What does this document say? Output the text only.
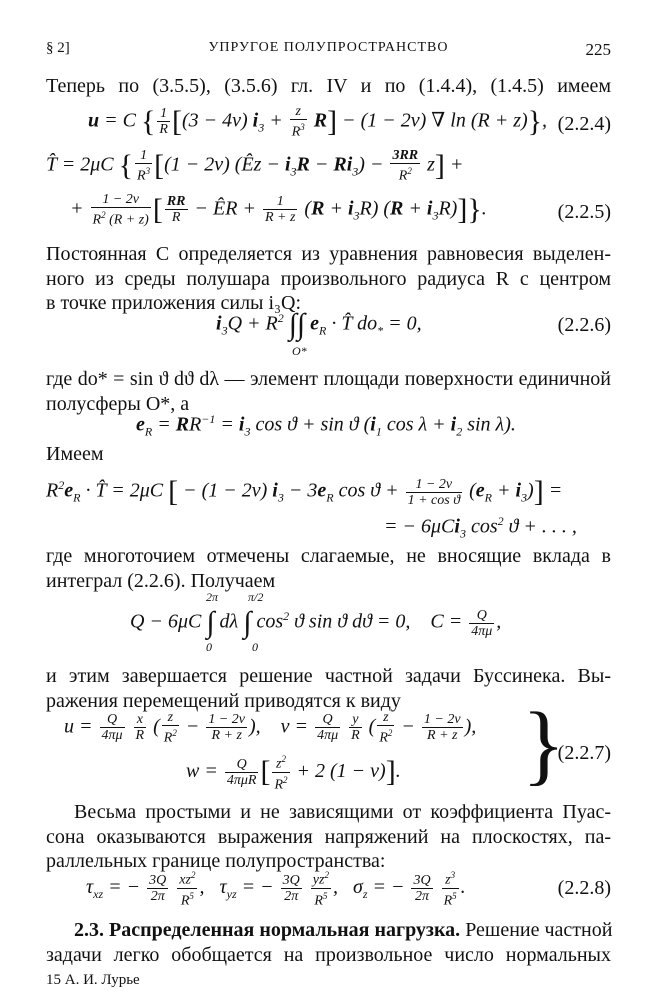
§ 2]	УПРУГОЕ ПОЛУПРОСТРАНСТВО	225
Теперь по (3.5.5), (3.5.6) гл. IV и по (1.4.4), (1.4.5) имеем
u = C { $\frac{1}{R} [(3 - 4\nu) i_3 + \frac{z}{R^3} R] - (1 - 2\nu)$ ∇ ln (R + z)}, (2.2.4)
T̂ = 2μC { $\frac{1}{R^3} [(1 - 2\nu)$ (Êz − $i_3R - Ri_3) - \frac{3RR}{R^2} z$] +
+ $\frac{1 - 2\nu}{R^2 (R + z)}$ [ $\frac{RR}{R}$ − ÊR + $\frac{1}{R + z} (R + i_3R) (R + i_3R)$]}.	(2.2.5)
Постоянная C определяется из уравнения равновесия выделен-
ного из среды полушара произвольного радиуса R с центром
в точке приложения силы i₃Q:
$i_3Q + R^2$ ∫∫ $e_R$ · T̂ $do_* = 0$,
O*
(2.2.6)
где do* = sin ϑ dϑ dλ — элемент площади поверхности единичной
полусферы O*, а
$e_R = RR^{-1} = i_3$ cos ϑ + sin ϑ ($i_1$ $\cos \lambda + i_2$ sin λ).
Имеем
$R^2e_R$ · T̂ = 2μC [ − (1 − 2ν) $i_3 - 3e_R$ $\cos ϑ + \frac{1 - 2\nu}{\text{1 + cos ϑ}} (e_R + i_3)$] =
= − 6μCi$_3$ $\cos^2 ϑ$ + . . . ,
где многоточием отмечены слагаемые, не вносящие вклада в
интеграл (2.2.6). Получаем
2π π/2
Q − 6μC ∫ dλ ∫ $\cos^2 ϑ$ sin ϑ dϑ = 0,    $C = \frac{Q}{4\pi\mu}$ ,
0	0
и этим завершается решение частной задачи Буссинека. Вы-
ражения перемещений приводятся к виду
$u = \frac{Q}{4\pi\mu}$
$\frac{x}{R}$ ( $\frac{z}{R^2} - \frac{1 - 2\nu}{R + z}$ ),    $v = \frac{Q}{4\pi\mu}$
$\frac{y}{R}$ ( $\frac{z}{R^2} - \frac{1 - 2\nu}{R + z}$ ),
$w = \frac{Q}{\text{4πμR}}$ [ $\frac{z^2}{R^2} + 2$ (1 − ν)]. }
(2.2.7)
Весьма простыми и не зависящими от коэффициента Пуас-
сона оказываются выражения напряжений на плоскостях, па-
раллельных границе полупространства:
$\tau_{xz}$ = − $\frac{3Q}{2\pi}$
$\frac{xz^2}{R^5}$ ,   $\tau_{yz}$ = − $\frac{3Q}{2\pi}$
$\frac{yz^2}{R^5}$ ,   $\sigma_z$ = − $\frac{3Q}{2\pi}$
$\frac{z^3}{R^5}$ .	(2.2.8)
2.3. Распределенная нормальная нагрузка. Решение частной
задачи легко обобщается на произвольное число нормальных
15 А. И. Лурье
